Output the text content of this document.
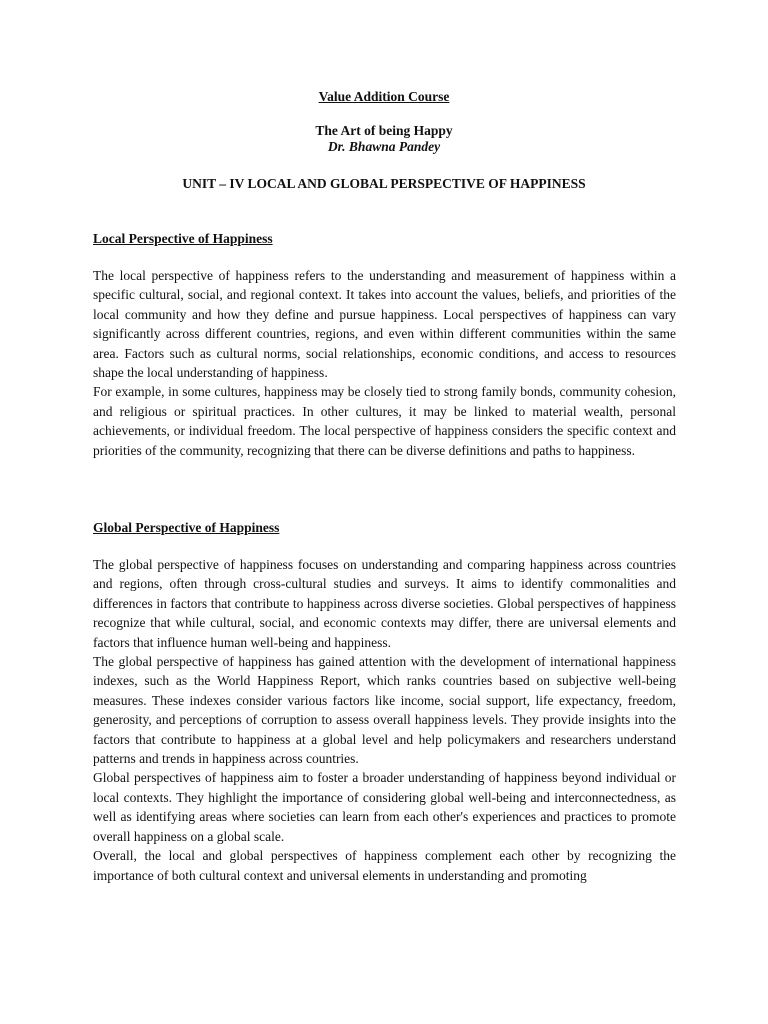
Value Addition Course
The Art of being Happy
Dr. Bhawna Pandey
UNIT – IV LOCAL AND GLOBAL PERSPECTIVE OF HAPPINESS
Local Perspective of Happiness

The local perspective of happiness refers to the understanding and measurement of happiness within a specific cultural, social, and regional context. It takes into account the values, beliefs, and priorities of the local community and how they define and pursue happiness. Local perspectives of happiness can vary significantly across different countries, regions, and even within different communities within the same area. Factors such as cultural norms, social relationships, economic conditions, and access to resources shape the local understanding of happiness.

For example, in some cultures, happiness may be closely tied to strong family bonds, community cohesion, and religious or spiritual practices. In other cultures, it may be linked to material wealth, personal achievements, or individual freedom. The local perspective of happiness considers the specific context and priorities of the community, recognizing that there can be diverse definitions and paths to happiness.

Global Perspective of Happiness

The global perspective of happiness focuses on understanding and comparing happiness across countries and regions, often through cross-cultural studies and surveys. It aims to identify commonalities and differences in factors that contribute to happiness across diverse societies. Global perspectives of happiness recognize that while cultural, social, and economic contexts may differ, there are universal elements and factors that influence human well-being and happiness.

The global perspective of happiness has gained attention with the development of international happiness indexes, such as the World Happiness Report, which ranks countries based on subjective well-being measures. These indexes consider various factors like income, social support, life expectancy, freedom, generosity, and perceptions of corruption to assess overall happiness levels. They provide insights into the factors that contribute to happiness at a global level and help policymakers and researchers understand patterns and trends in happiness across countries.

Global perspectives of happiness aim to foster a broader understanding of happiness beyond individual or local contexts. They highlight the importance of considering global well-being and interconnectedness, as well as identifying areas where societies can learn from each other's experiences and practices to promote overall happiness on a global scale.

Overall, the local and global perspectives of happiness complement each other by recognizing the importance of both cultural context and universal elements in understanding and promoting
